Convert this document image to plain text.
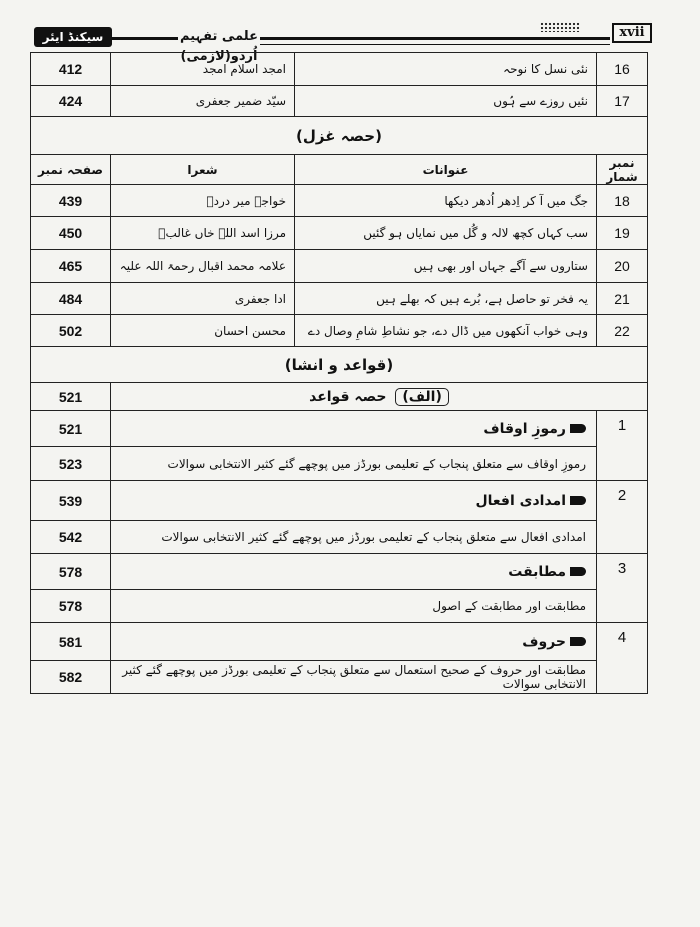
سیکنڈ ایئر	علمی تفہیم اُردو(لازمی)
xvii
412	امجد اسلام امجد	نئی نسل کا نوحہ	16
424	سیّد ضمیر جعفری	نئیں روزے سے ہُوں	17
(حصہ غزل)			
صفحہ نمبر	شعرا	عنوانات	نمبر شمار
439	خواجہ میر دردؔ	جگ میں آ کر اِدھر اُدھر دیکھا	18
450	مرزا اسد اللہ خاں غالبؔ	سب کہاں کچھ لالہ و گُل میں نمایاں ہو گئیں	19
465	علامہ محمد اقبال رحمۃ اللہ علیہ	ستاروں سے آگے جہاں اور بھی ہیں	20
484	ادا جعفری	یہ فخر تو حاصل ہے، بُرے ہیں کہ بھلے ہیں	21
502	محسن احسان	وہی خواب آنکھوں میں ڈال دے، جو نشاطِ شامِ وصال دے	22
(قواعد و انشا)			
521	(الف) حصہ قواعد		
521	رموزِ اوقاف		1
523	رموزِ اوقاف سے متعلق پنجاب کے تعلیمی بورڈز میں پوچھے گئے کثیر الانتخابی سوالات		
539	امدادی افعال		2
542	امدادی افعال سے متعلق پنجاب کے تعلیمی بورڈز میں پوچھے گئے کثیر الانتخابی سوالات		
578	مطابقت		3
578	مطابقت اور مطابقت کے اصول		
581	حروف		4
582	مطابقت اور حروف کے صحیح استعمال سے متعلق پنجاب کے تعلیمی بورڈز میں پوچھے گئے کثیر الانتخابی سوالات		
